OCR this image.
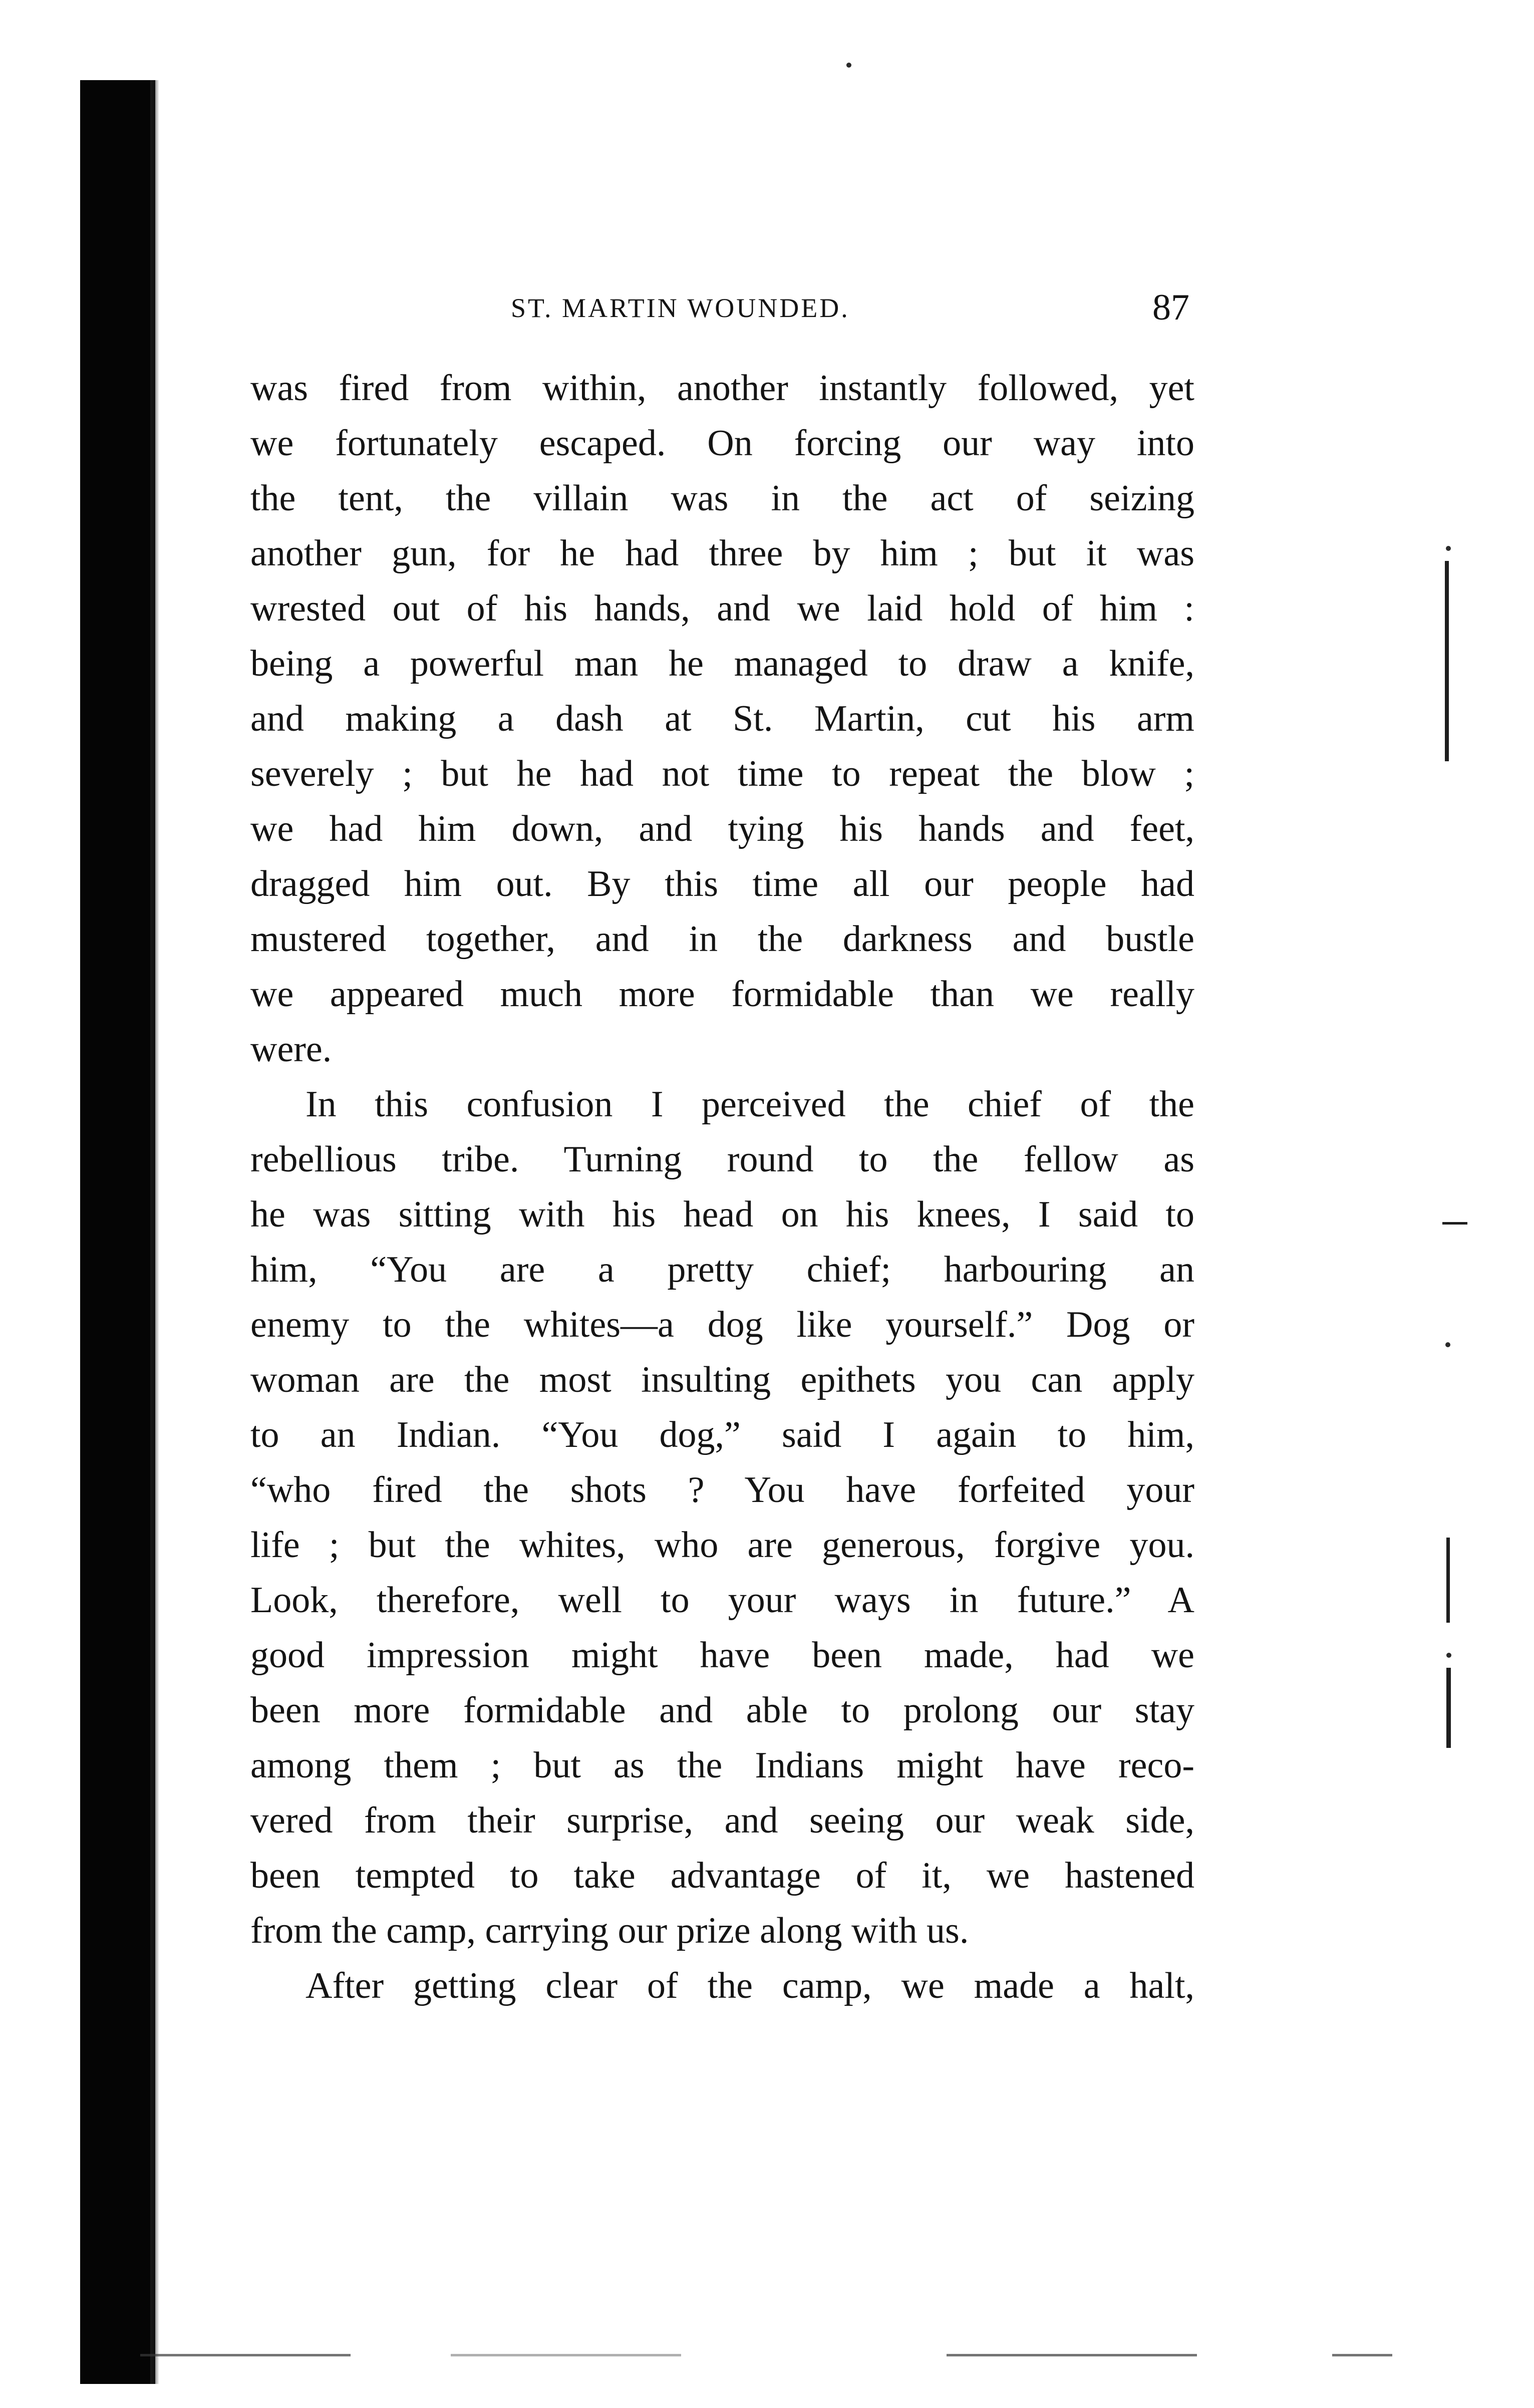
ST. MARTIN WOUNDED.	87
was fired from within, another instantly followed, yet
we fortunately escaped. On forcing our way into
the tent, the villain was in the act of seizing
another gun, for he had three by him ; but it was
wrested out of his hands, and we laid hold of him :
being a powerful man he managed to draw a knife,
and making a dash at St. Martin, cut his arm
severely ; but he had not time to repeat the blow ;
we had him down, and tying his hands and feet,
dragged him out. By this time all our people had
mustered together, and in the darkness and bustle
we appeared much more formidable than we really
were.
In this confusion I perceived the chief of the
rebellious tribe. Turning round to the fellow as
he was sitting with his head on his knees, I said to
him, “You are a pretty chief; harbouring an
enemy to the whites—a dog like yourself.” Dog or
woman are the most insulting epithets you can apply
to an Indian. “You dog,” said I again to him,
“who fired the shots ? You have forfeited your
life ; but the whites, who are generous, forgive you.
Look, therefore, well to your ways in future.” A
good impression might have been made, had we
been more formidable and able to prolong our stay
among them ; but as the Indians might have reco-
vered from their surprise, and seeing our weak side,
been tempted to take advantage of it, we hastened
from the camp, carrying our prize along with us.
After getting clear of the camp, we made a halt,
